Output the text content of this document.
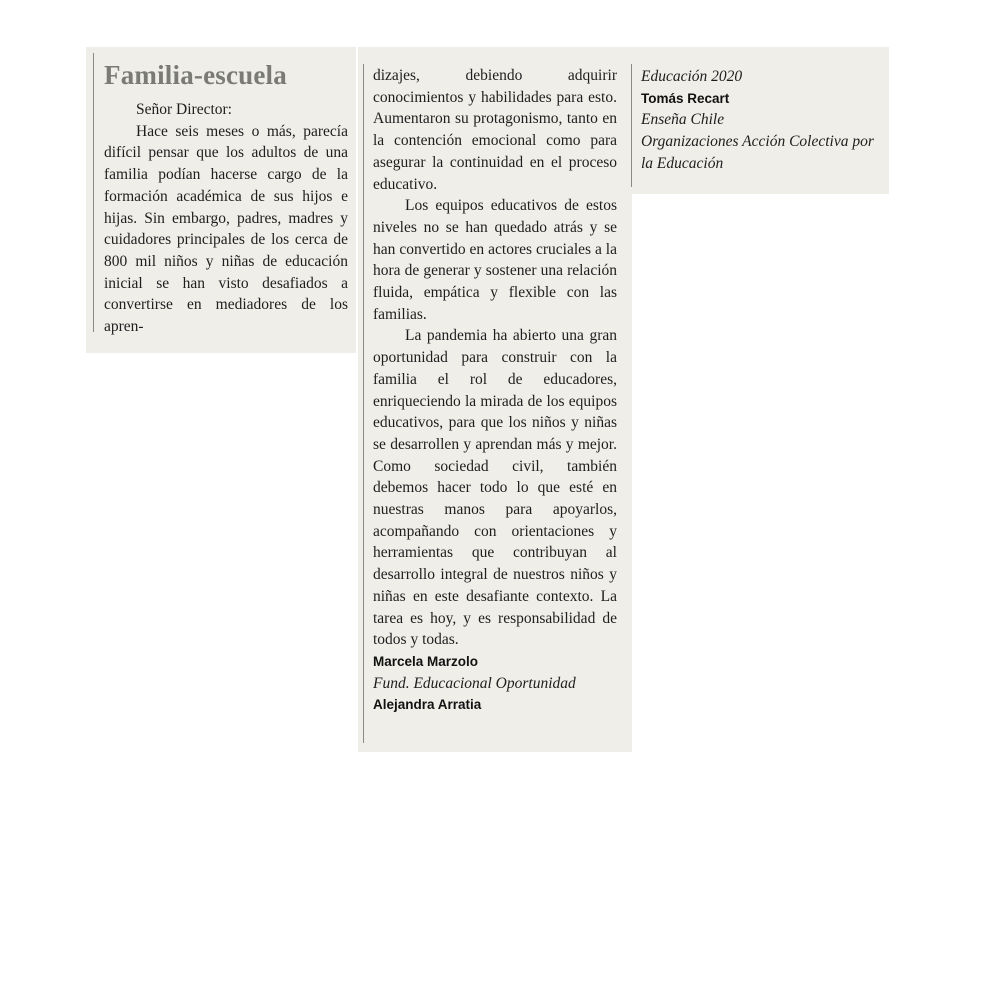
Familia-escuela

Señor Director:

Hace seis meses o más, parecía difícil pensar que los adultos de una familia podían hacerse cargo de la formación académica de sus hijos e hijas. Sin embargo, padres, madres y cuidadores principales de los cerca de 800 mil niños y niñas de educación inicial se han visto desafiados a convertirse en mediadores de los apren-

dizajes, debiendo adquirir conocimientos y habilidades para esto. Aumentaron su protagonismo, tanto en la contención emocional como para asegurar la continuidad en el proceso educativo.

Los equipos educativos de estos niveles no se han quedado atrás y se han convertido en actores cruciales a la hora de generar y sostener una relación fluida, empática y flexible con las familias.

La pandemia ha abierto una gran oportunidad para construir con la familia el rol de educadores, enriqueciendo la mirada de los equipos educativos, para que los niños y niñas se desarrollen y aprendan más y mejor. Como sociedad civil, también debemos hacer todo lo que esté en nuestras manos para apoyarlos, acompañando con orientaciones y herramientas que contribuyan al desarrollo integral de nuestros niños y niñas en este desafiante contexto. La tarea es hoy, y es responsabilidad de todos y todas.

Marcela Marzolo
Fund. Educacional Oportunidad
Alejandra Arratia
Educación 2020
Tomás Recart
Enseña Chile
Organizaciones Acción Colectiva por la Educación
